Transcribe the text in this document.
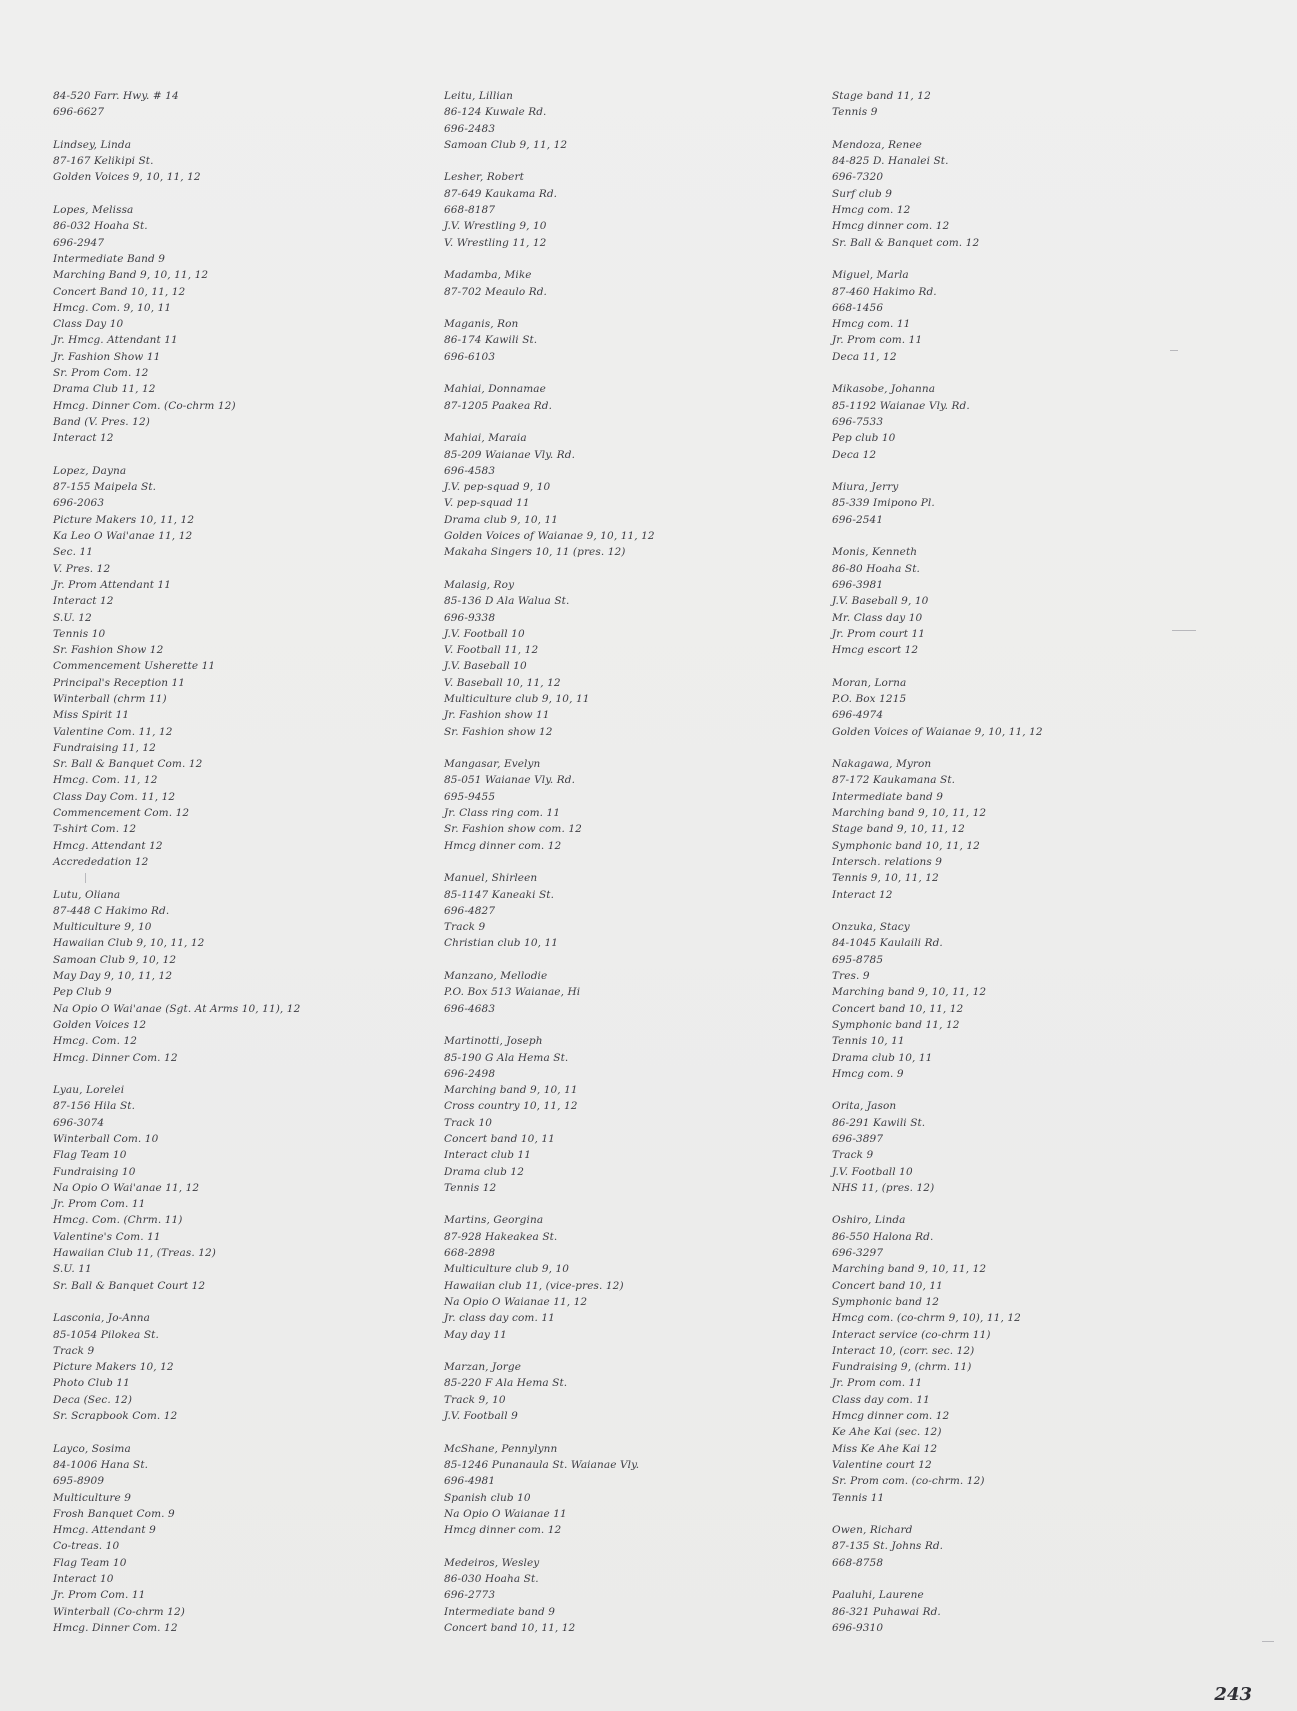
84-520 Farr. Hwy. # 14
696-6627
Lindsey, Linda
87-167 Kelikipi St.
Golden Voices 9, 10, 11, 12
Lopes, Melissa
86-032 Hoaha St.
696-2947
Intermediate Band 9
Marching Band 9, 10, 11, 12
Concert Band 10, 11, 12
Hmcg. Com. 9, 10, 11
Class Day 10
Jr. Hmcg. Attendant 11
Jr. Fashion Show 11
Sr. Prom Com. 12
Drama Club 11, 12
Hmcg. Dinner Com. (Co-chrm 12)
Band (V. Pres. 12)
Interact 12
Lopez, Dayna
87-155 Maipela St.
696-2063
Picture Makers 10, 11, 12
Ka Leo O Wai'anae 11, 12
Sec. 11
V. Pres. 12
Jr. Prom Attendant 11
Interact 12
S.U. 12
Tennis 10
Sr. Fashion Show 12
Commencement Usherette 11
Principal's Reception 11
Winterball (chrm 11)
Miss Spirit 11
Valentine Com. 11, 12
Fundraising 11, 12
Sr. Ball & Banquet Com. 12
Hmcg. Com. 11, 12
Class Day Com. 11, 12
Commencement Com. 12
T-shirt Com. 12
Hmcg. Attendant 12
Accrededation 12
Lutu, Oliana
87-448 C Hakimo Rd.
Multiculture 9, 10
Hawaiian Club 9, 10, 11, 12
Samoan Club 9, 10, 12
May Day 9, 10, 11, 12
Pep Club 9
Na Opio O Wai'anae (Sgt. At Arms 10, 11), 12
Golden Voices 12
Hmcg. Com. 12
Hmcg. Dinner Com. 12
Lyau, Lorelei
87-156 Hila St.
696-3074
Winterball Com. 10
Flag Team 10
Fundraising 10
Na Opio O Wai'anae 11, 12
Jr. Prom Com. 11
Hmcg. Com. (Chrm. 11)
Valentine's Com. 11
Hawaiian Club 11, (Treas. 12)
S.U. 11
Sr. Ball & Banquet Court 12
Lasconia, Jo-Anna
85-1054 Pilokea St.
Track 9
Picture Makers 10, 12
Photo Club 11
Deca (Sec. 12)
Sr. Scrapbook Com. 12
Layco, Sosima
84-1006 Hana St.
695-8909
Multiculture 9
Frosh Banquet Com. 9
Hmcg. Attendant 9
Co-treas. 10
Flag Team 10
Interact 10
Jr. Prom Com. 11
Winterball (Co-chrm 12)
Hmcg. Dinner Com. 12
Leitu, Lillian
86-124 Kuwale Rd.
696-2483
Samoan Club 9, 11, 12
Lesher, Robert
87-649 Kaukama Rd.
668-8187
J.V. Wrestling 9, 10
V. Wrestling 11, 12
Madamba, Mike
87-702 Meaulo Rd.
Maganis, Ron
86-174 Kawili St.
696-6103
Mahiai, Donnamae
87-1205 Paakea Rd.
Mahiai, Maraia
85-209 Waianae Vly. Rd.
696-4583
J.V. pep-squad 9, 10
V. pep-squad 11
Drama club 9, 10, 11
Golden Voices of Waianae 9, 10, 11, 12
Makaha Singers 10, 11 (pres. 12)
Malasig, Roy
85-136 D Ala Walua St.
696-9338
J.V. Football 10
V. Football 11, 12
J.V. Baseball 10
V. Baseball 10, 11, 12
Multiculture club 9, 10, 11
Jr. Fashion show 11
Sr. Fashion show 12
Mangasar, Evelyn
85-051 Waianae Vly. Rd.
695-9455
Jr. Class ring com. 11
Sr. Fashion show com. 12
Hmcg dinner com. 12
Manuel, Shirleen
85-1147 Kaneaki St.
696-4827
Track 9
Christian club 10, 11
Manzano, Mellodie
P.O. Box 513 Waianae, Hi
696-4683
Martinotti, Joseph
85-190 G Ala Hema St.
696-2498
Marching band 9, 10, 11
Cross country 10, 11, 12
Track 10
Concert band 10, 11
Interact club 11
Drama club 12
Tennis 12
Martins, Georgina
87-928 Hakeakea St.
668-2898
Multiculture club 9, 10
Hawaiian club 11, (vice-pres. 12)
Na Opio O Waianae 11, 12
Jr. class day com. 11
May day 11
Marzan, Jorge
85-220 F Ala Hema St.
Track 9, 10
J.V. Football 9
McShane, Pennylynn
85-1246 Punanaula St. Waianae Vly.
696-4981
Spanish club 10
Na Opio O Waianae 11
Hmcg dinner com. 12
Medeiros, Wesley
86-030 Hoaha St.
696-2773
Intermediate band 9
Concert band 10, 11, 12
Stage band 11, 12
Tennis 9
Mendoza, Renee
84-825 D. Hanalei St.
696-7320
Surf club 9
Hmcg com. 12
Hmcg dinner com. 12
Sr. Ball & Banquet com. 12
Miguel, Marla
87-460 Hakimo Rd.
668-1456
Hmcg com. 11
Jr. Prom com. 11
Deca 11, 12
Mikasobe, Johanna
85-1192 Waianae Vly. Rd.
696-7533
Pep club 10
Deca 12
Miura, Jerry
85-339 Imipono Pl.
696-2541
Monis, Kenneth
86-80 Hoaha St.
696-3981
J.V. Baseball 9, 10
Mr. Class day 10
Jr. Prom court 11
Hmcg escort 12
Moran, Lorna
P.O. Box 1215
696-4974
Golden Voices of Waianae 9, 10, 11, 12
Nakagawa, Myron
87-172 Kaukamana St.
Intermediate band 9
Marching band 9, 10, 11, 12
Stage band 9, 10, 11, 12
Symphonic band 10, 11, 12
Intersch. relations 9
Tennis 9, 10, 11, 12
Interact 12
Onzuka, Stacy
84-1045 Kaulaili Rd.
695-8785
Tres. 9
Marching band 9, 10, 11, 12
Concert band 10, 11, 12
Symphonic band 11, 12
Tennis 10, 11
Drama club 10, 11
Hmcg com. 9
Orita, Jason
86-291 Kawili St.
696-3897
Track 9
J.V. Football 10
NHS 11, (pres. 12)
Oshiro, Linda
86-550 Halona Rd.
696-3297
Marching band 9, 10, 11, 12
Concert band 10, 11
Symphonic band 12
Hmcg com. (co-chrm 9, 10), 11, 12
Interact service (co-chrm 11)
Interact 10, (corr. sec. 12)
Fundraising 9, (chrm. 11)
Jr. Prom com. 11
Class day com. 11
Hmcg dinner com. 12
Ke Ahe Kai (sec. 12)
Miss Ke Ahe Kai 12
Valentine court 12
Sr. Prom com. (co-chrm. 12)
Tennis 11
Owen, Richard
87-135 St. Johns Rd.
668-8758
Paaluhi, Laurene
86-321 Puhawai Rd.
696-9310
243
